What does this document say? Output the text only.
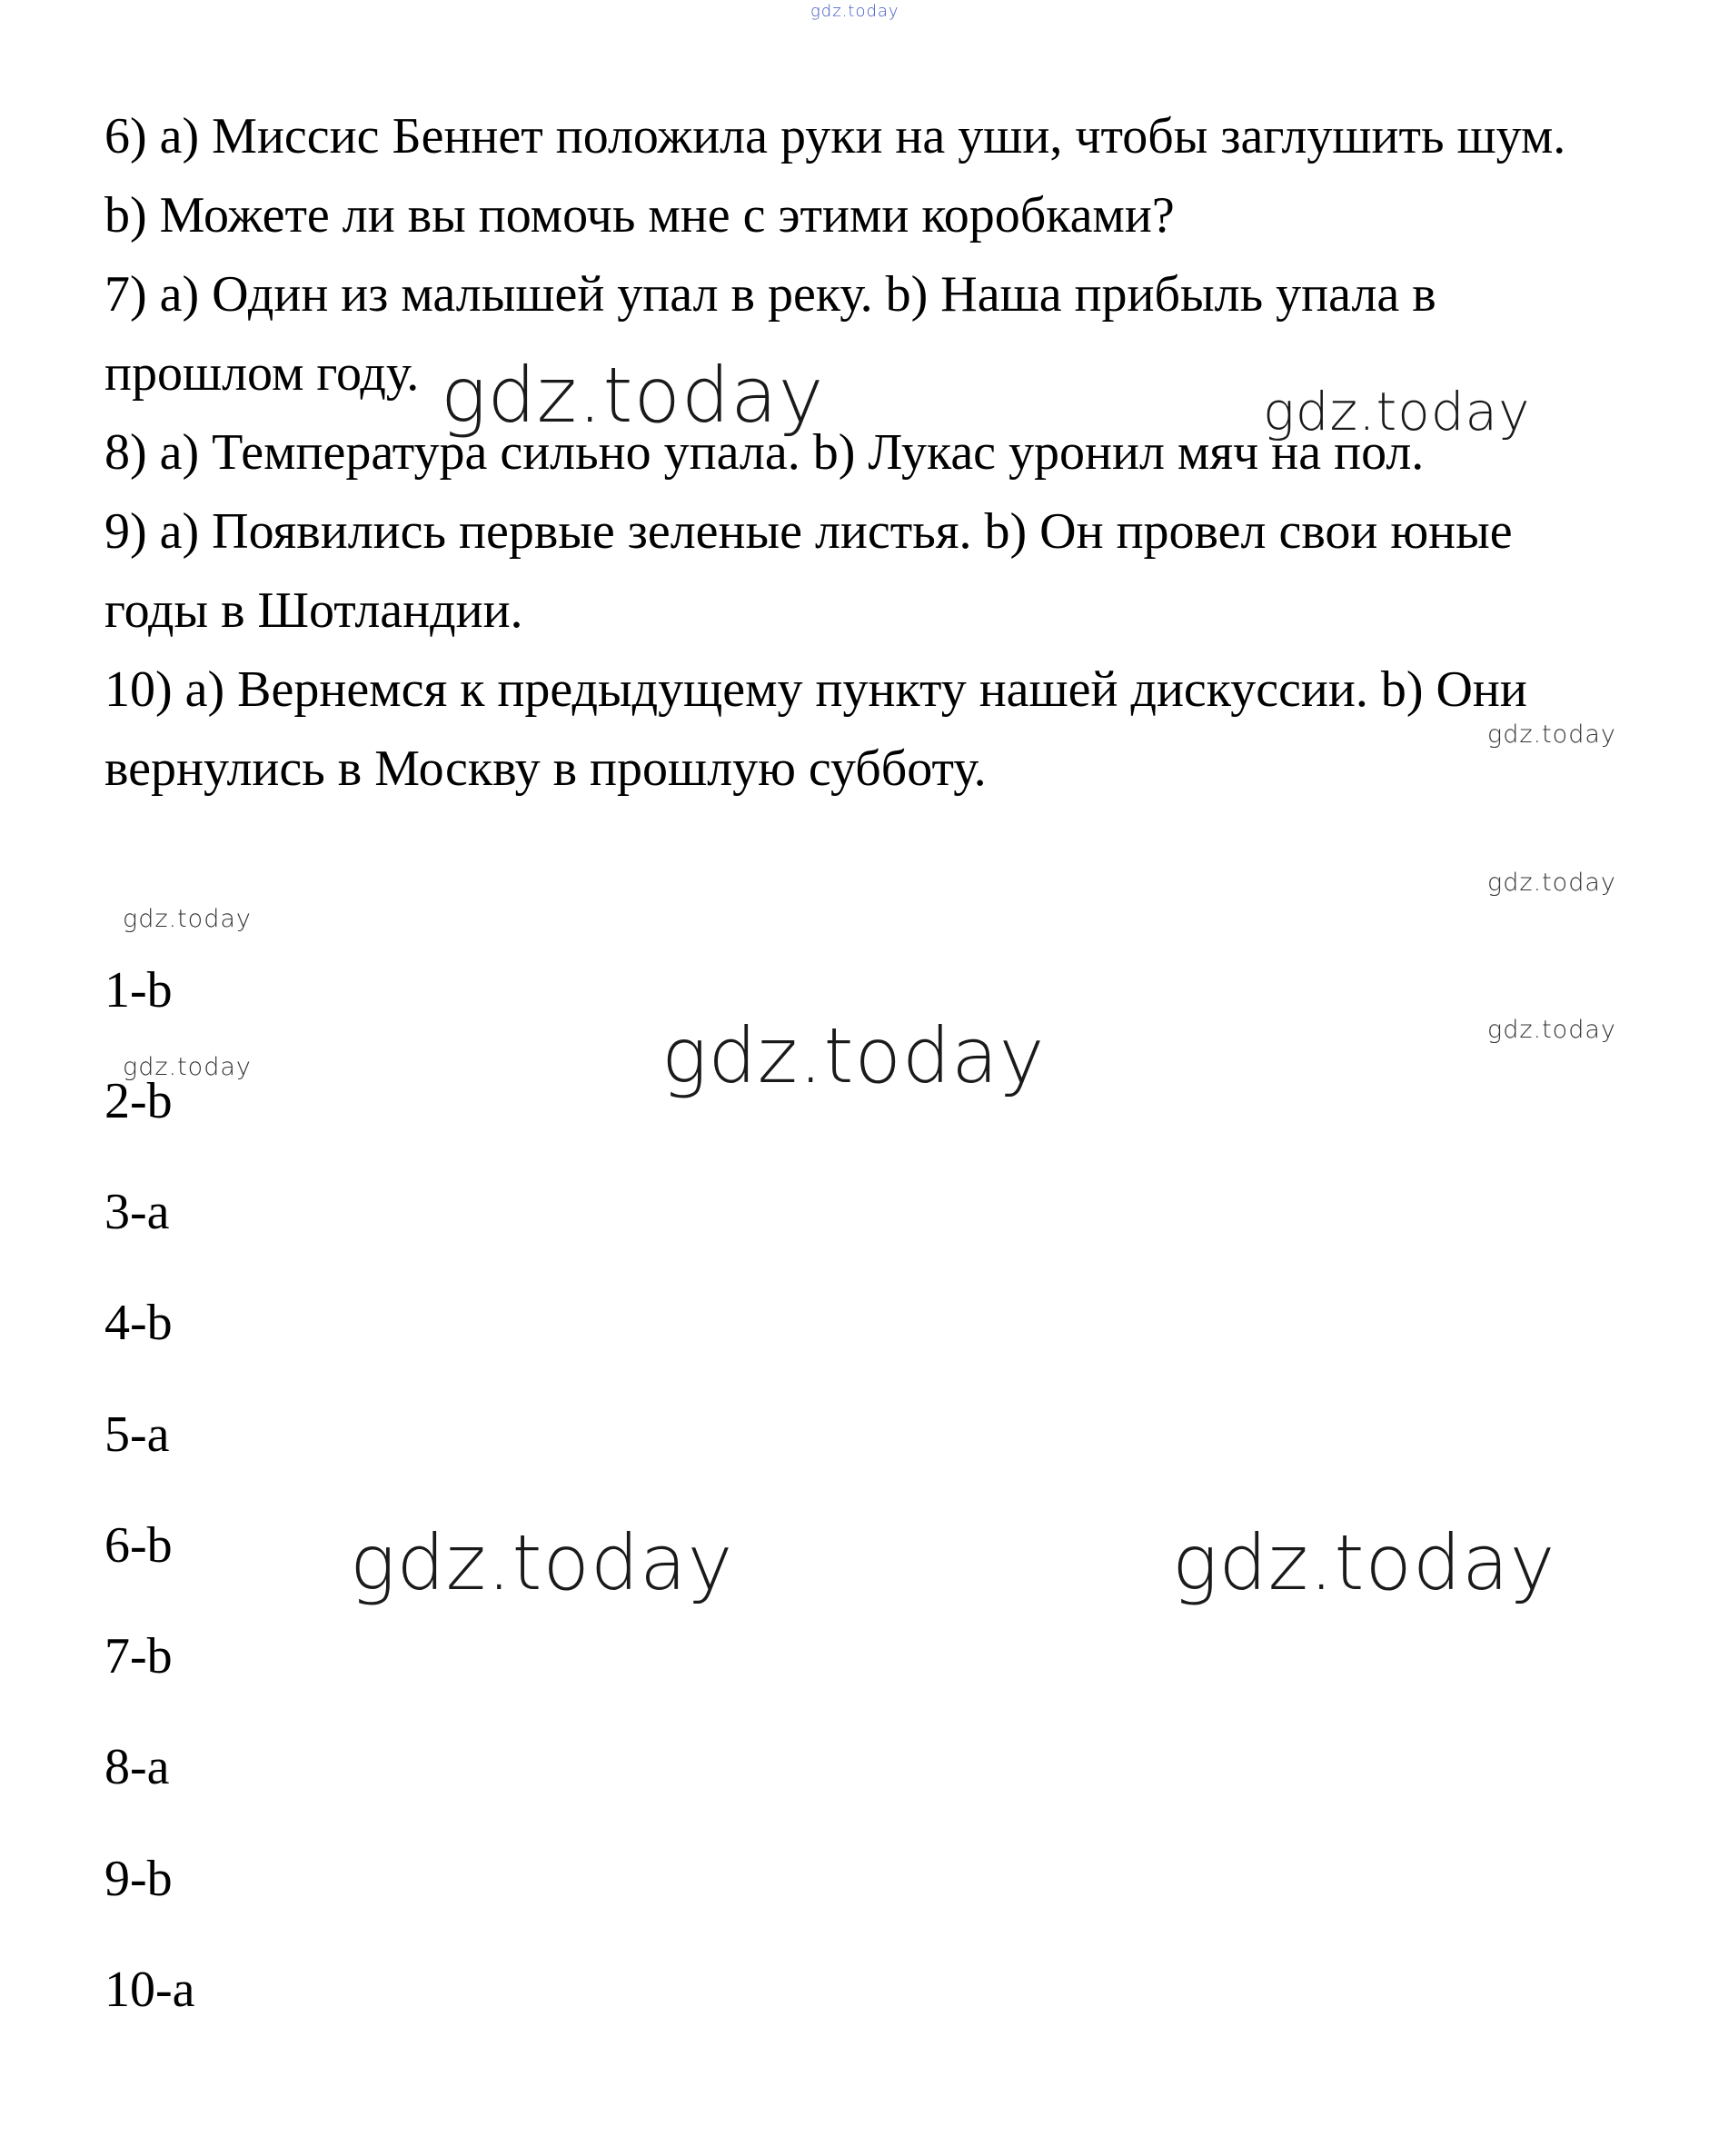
6) a) Миссис Беннет положила руки на уши, чтобы заглушить шум.
b) Можете ли вы помочь мне с этими коробками?
7) a) Один из малышей упал в реку. b) Наша прибыль упала в
прошлом году.
8) a) Температура сильно упала. b) Лукас уронил мяч на пол.
9) a) Появились первые зеленые листья. b) Он провел свои юные
годы в Шотландии.
10) a) Вернемся к предыдущему пункту нашей дискуссии. b) Они
вернулись в Москву в прошлую субботу.
1-b
2-b
3-a
4-b
5-a
6-b
7-b
8-a
9-b
10-a
gdz.today
gdz.today	gdz.today
gdz.today
gdz.today
gdz.today
gdz.today
gdz.today	gdz.today
gdz.today	gdz.today
